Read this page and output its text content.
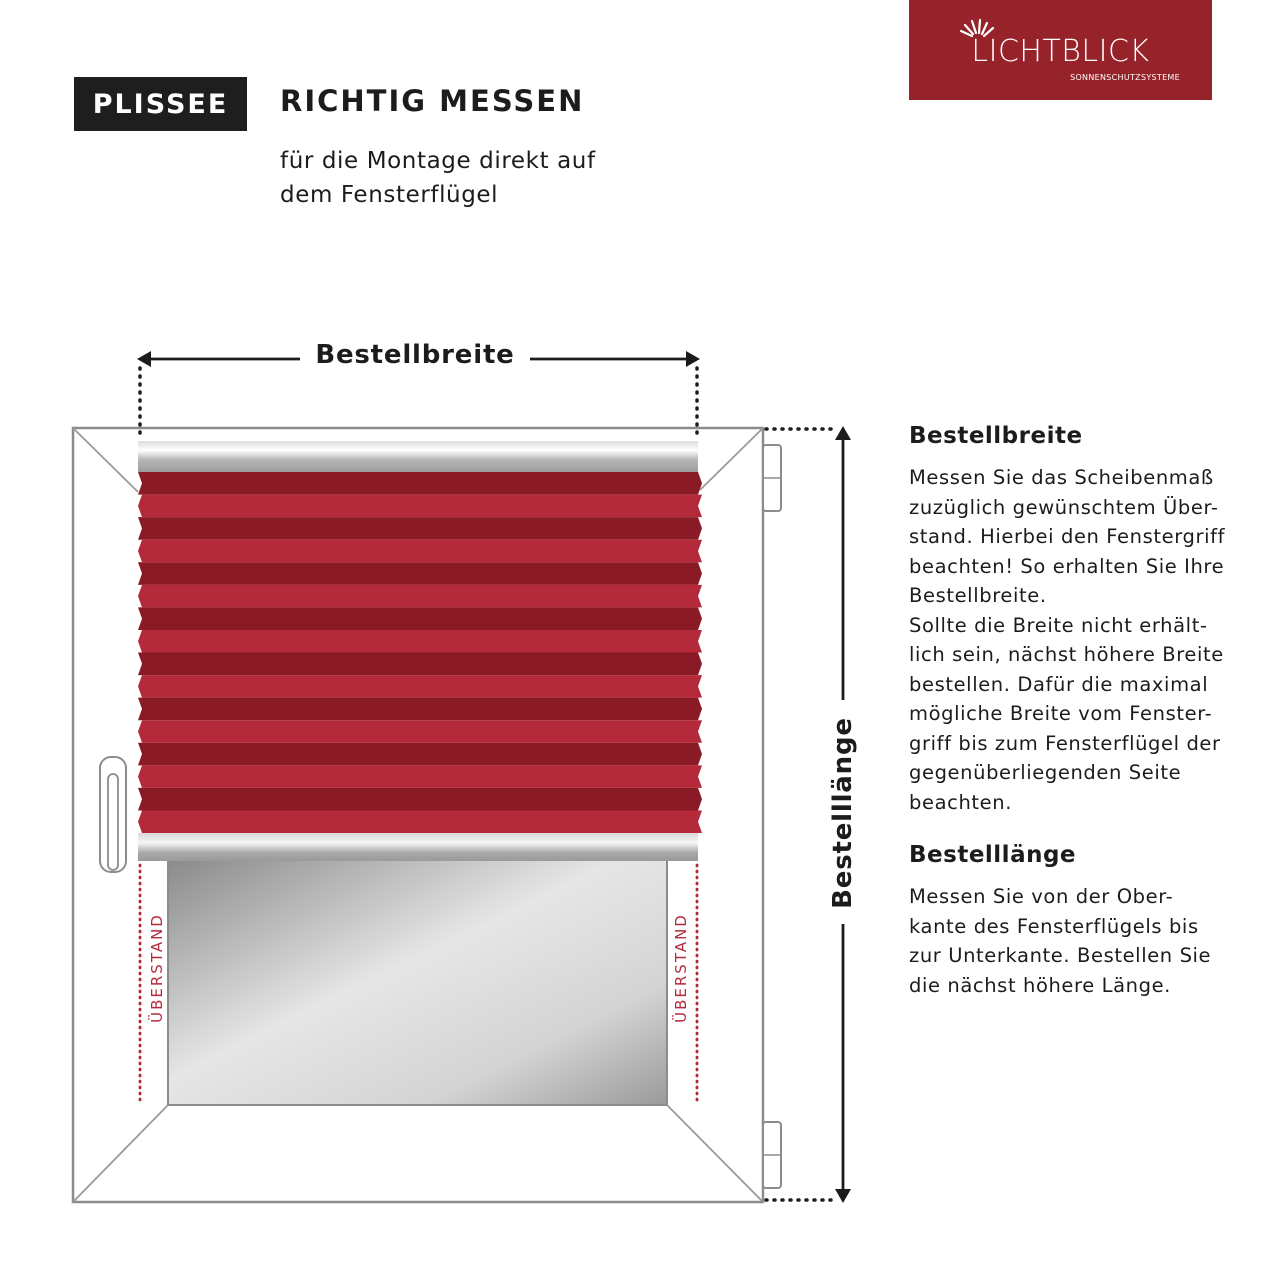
PLISSEE	RICHTIG MESSEN
für die Montage direkt auf
dem Fensterflügel
LICHTBLICK
SONNENSCHUTZSYSTEME
Bestellbreite
Bestelllänge
ÜBERSTAND	ÜBERSTAND
Bestellbreite
Messen Sie das Scheibenmaß
zuzüglich gewünschtem Über-
stand. Hierbei den Fenstergriff
beachten! So erhalten Sie Ihre
Bestellbreite.
Sollte die Breite nicht erhält-
lich sein, nächst höhere Breite
bestellen. Dafür die maximal
mögliche Breite vom Fenster-
griff bis zum Fensterflügel der
gegenüberliegenden Seite
beachten.
Bestelllänge
Messen Sie von der Ober-
kante des Fensterflügels bis
zur Unterkante. Bestellen Sie
die nächst höhere Länge.
